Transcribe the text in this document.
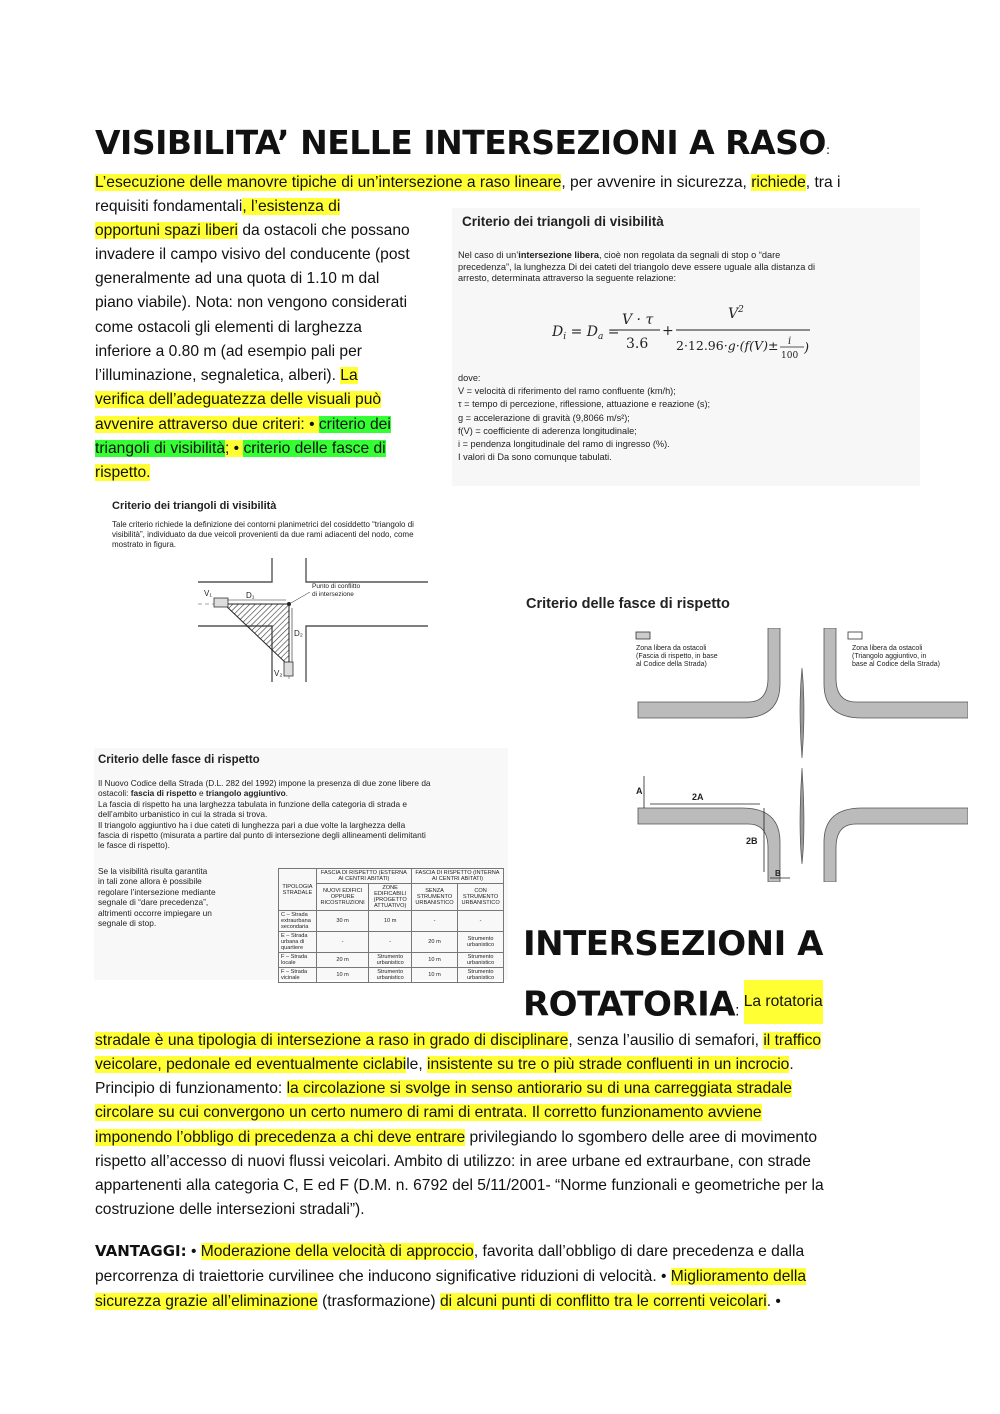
VISIBILITA’ NELLE INTERSEZIONI A RASO:
L’esecuzione delle manovre tipiche di un’intersezione a raso lineare, per avvenire in sicurezza, richiede, tra i
requisiti fondamentali, l’esistenza di
opportuni spazi liberi da ostacoli che possano
invadere il campo visivo del conducente (post
generalmente ad una quota di 1.10 m dal
piano viabile). Nota: non vengono considerati
come ostacoli gli elementi di larghezza
inferiore a 0.80 m (ad esempio pali per
l’illuminazione, segnaletica, alberi). La
verifica dell’adeguatezza delle visuali può
avvenire attraverso due criteri: • criterio dei
triangoli di visibilità; • criterio delle fasce di
rispetto.
Criterio dei triangoli di visibilità
Nel caso di un’intersezione libera, cioè non regolata da segnali di stop o “dare
precedenza”, la lunghezza Di dei cateti del triangolo deve essere uguale alla distanza di
arresto, determinata attraverso la seguente relazione:
$D_i = D_a$ =
V · τ
3.6
+
$V^2$
2·12.96·g·(f(V)± i
100 )
dove:
V = velocità di riferimento del ramo confluente (km/h);
τ = tempo di percezione, riflessione, attuazione e reazione (s);
g = accelerazione di gravità (9,8066 m/s²);
f(V) = coefficiente di aderenza longitudinale;
i = pendenza longitudinale del ramo di ingresso (%).
I valori di Da sono comunque tabulati.
Criterio dei triangoli di visibilità
Tale criterio richiede la definizione dei contorni planimetrici del cosiddetto “triangolo di
visibilità”, individuato da due veicoli provenienti da due rami adiacenti del nodo, come
mostrato in figura.
V₁
V₂
D₁
D₂
Punto di conflitto
di intersezione
Criterio delle fasce di rispetto
Zona libera da ostacoli
(Fascia di rispetto, in base
al Codice della Strada)
Zona libera da ostacoli
(Triangolo aggiuntivo, in
base al Codice della Strada)
A
2A
2B
B
Criterio delle fasce di rispetto
Il Nuovo Codice della Strada (D.L. 282 del 1992) impone la presenza di due zone libere da
ostacoli: fascia di rispetto e triangolo aggiuntivo.
La fascia di rispetto ha una larghezza tabulata in funzione della categoria di strada e
dell’ambito urbanistico in cui la strada si trova.
Il triangolo aggiuntivo ha i due cateti di lunghezza pari a due volte la larghezza della
fascia di rispetto (misurata a partire dal punto di intersezione degli allineamenti delimitanti
le fasce di rispetto).
Se la visibilità risulta garantita
in tali zone allora è possibile
regolare l’intersezione mediante
segnale di “dare precedenza”,
altrimenti occorre impiegare un
segnale di stop.
TIPOLOGIA STRADALE	FASCIA DI RISPETTO (ESTERNA AI CENTRI ABITATI)		FASCIA DI RISPETTO (INTERNA AI CENTRI ABITATI)	
	NUOVI EDIFICI OPPURE RICOSTRUZIONI	ZONE EDIFICABILI (PROGETTO ATTUATIVO)	SENZA STRUMENTO URBANISTICO	CON STRUMENTO URBANISTICO
C – Strada extraurbana secondaria	30 m	10 m	-	-
E – Strada urbana di quartiere	-	-	20 m	Strumento urbanistico
F – Strada locale	20 m	Strumento urbanistico	10 m	Strumento urbanistico
F – Strada vicinale	10 m	Strumento urbanistico	10 m	Strumento urbanistico
INTERSEZIONI A
ROTATORIA: La rotatoria
stradale è una tipologia di intersezione a raso in grado di disciplinare, senza l’ausilio di semafori, il traffico
veicolare, pedonale ed eventualmente ciclabile, insistente su tre o più strade confluenti in un incrocio.
Principio di funzionamento: la circolazione si svolge in senso antiorario su di una carreggiata stradale
circolare su cui convergono un certo numero di rami di entrata. Il corretto funzionamento avviene
imponendo l’obbligo di precedenza a chi deve entrare privilegiando lo sgombero delle aree di movimento
rispetto all’accesso di nuovi flussi veicolari. Ambito di utilizzo: in aree urbane ed extraurbane, con strade
appartenenti alla categoria C, E ed F (D.M. n. 6792 del 5/11/2001- “Norme funzionali e geometriche per la
costruzione delle intersezioni stradali”).
VANTAGGI: • Moderazione della velocità di approccio, favorita dall’obbligo di dare precedenza e dalla
percorrenza di traiettorie curvilinee che inducono significative riduzioni di velocità. • Miglioramento della
sicurezza grazie all’eliminazione (trasformazione) di alcuni punti di conflitto tra le correnti veicolari. •
